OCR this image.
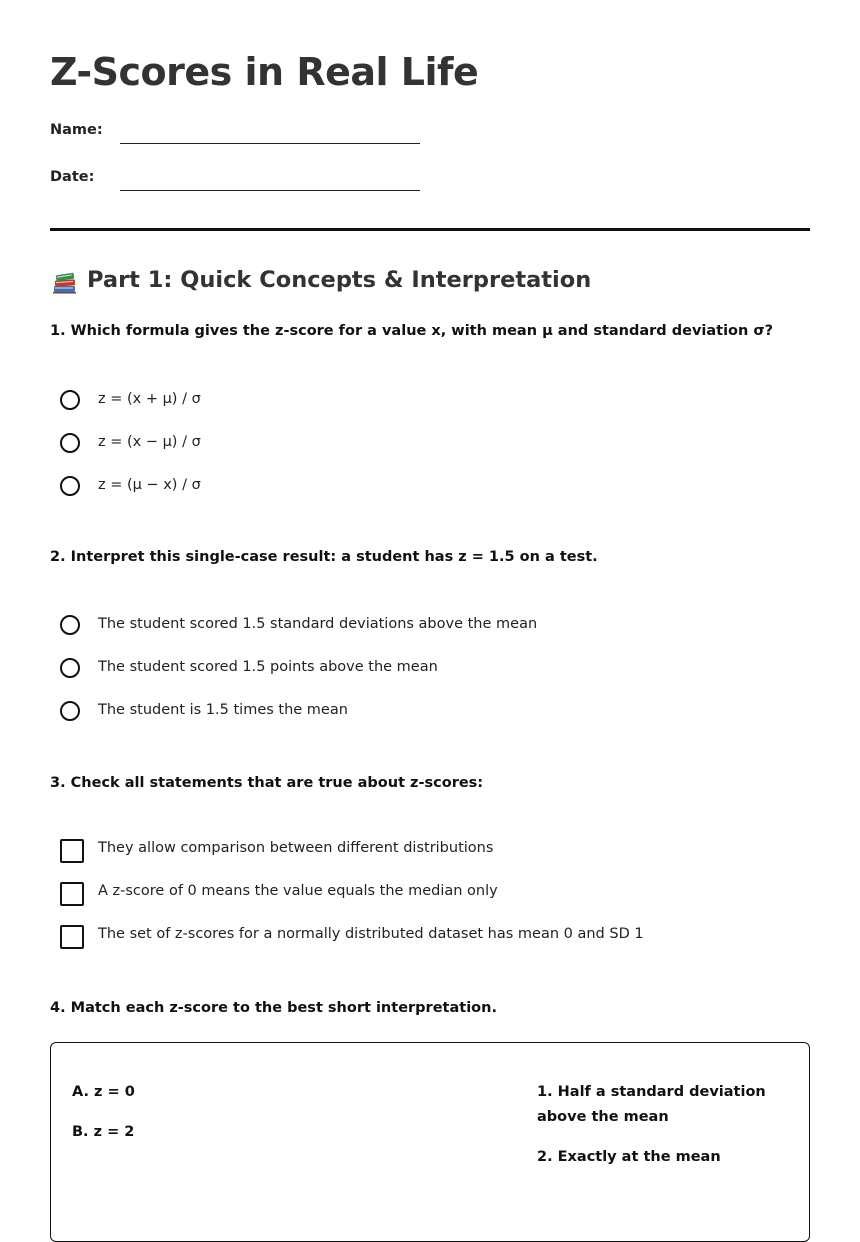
Z-Scores in Real Life
Name:
Date:
Part 1: Quick Concepts & Interpretation
1. Which formula gives the z-score for a value x, with mean μ and standard deviation σ?
z = (x + μ) / σ
z = (x − μ) / σ
z = (μ − x) / σ
2. Interpret this single-case result: a student has z = 1.5 on a test.
The student scored 1.5 standard deviations above the mean
The student scored 1.5 points above the mean
The student is 1.5 times the mean
3. Check all statements that are true about z-scores:
They allow comparison between different distributions
A z-score of 0 means the value equals the median only
The set of z-scores for a normally distributed dataset has mean 0 and SD 1
4. Match each z-score to the best short interpretation.
A. z = 0
B. z = 2
1. Half a standard deviation above the mean
2. Exactly at the mean
